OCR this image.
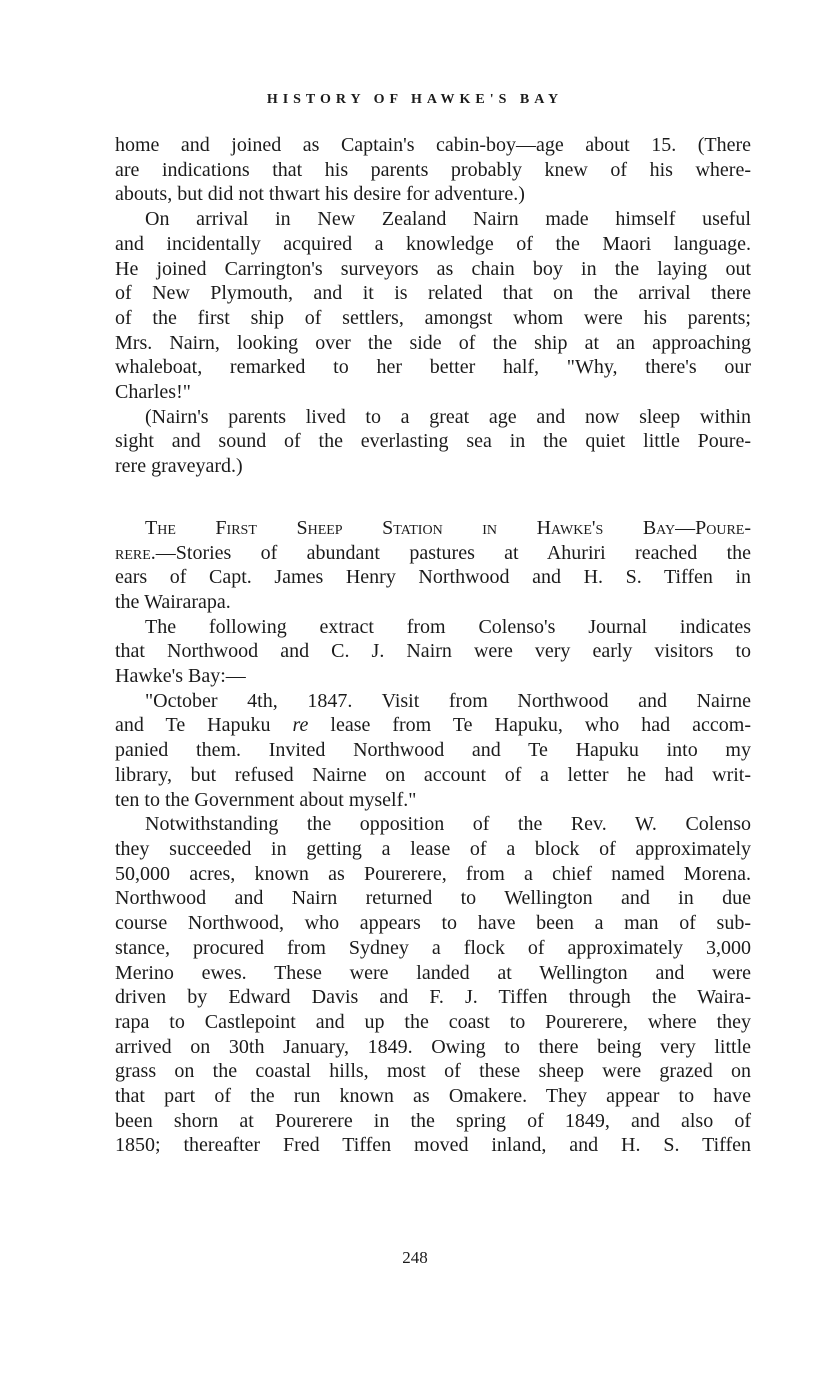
HISTORY OF HAWKE'S BAY
home and joined as Captain's cabin-boy—age about 15. (There
are indications that his parents probably knew of his where-
abouts, but did not thwart his desire for adventure.)
On arrival in New Zealand Nairn made himself useful
and incidentally acquired a knowledge of the Maori language.
He joined Carrington's surveyors as chain boy in the laying out
of New Plymouth, and it is related that on the arrival there
of the first ship of settlers, amongst whom were his parents;
Mrs. Nairn, looking over the side of the ship at an approaching
whaleboat, remarked to her better half, "Why, there's our
Charles!"
(Nairn's parents lived to a great age and now sleep within
sight and sound of the everlasting sea in the quiet little Poure-
rere graveyard.)
The First Sheep Station in Hawke's Bay—Poure-
rere.—Stories of abundant pastures at Ahuriri reached the
ears of Capt. James Henry Northwood and H. S. Tiffen in
the Wairarapa.
The following extract from Colenso's Journal indicates
that Northwood and C. J. Nairn were very early visitors to
Hawke's Bay:—
"October 4th, 1847. Visit from Northwood and Nairne
and Te Hapuku re lease from Te Hapuku, who had accom-
panied them. Invited Northwood and Te Hapuku into my
library, but refused Nairne on account of a letter he had writ-
ten to the Government about myself."
Notwithstanding the opposition of the Rev. W. Colenso
they succeeded in getting a lease of a block of approximately
50,000 acres, known as Pourerere, from a chief named Morena.
Northwood and Nairn returned to Wellington and in due
course Northwood, who appears to have been a man of sub-
stance, procured from Sydney a flock of approximately 3,000
Merino ewes. These were landed at Wellington and were
driven by Edward Davis and F. J. Tiffen through the Waira-
rapa to Castlepoint and up the coast to Pourerere, where they
arrived on 30th January, 1849. Owing to there being very little
grass on the coastal hills, most of these sheep were grazed on
that part of the run known as Omakere. They appear to have
been shorn at Pourerere in the spring of 1849, and also of
1850; thereafter Fred Tiffen moved inland, and H. S. Tiffen
248
